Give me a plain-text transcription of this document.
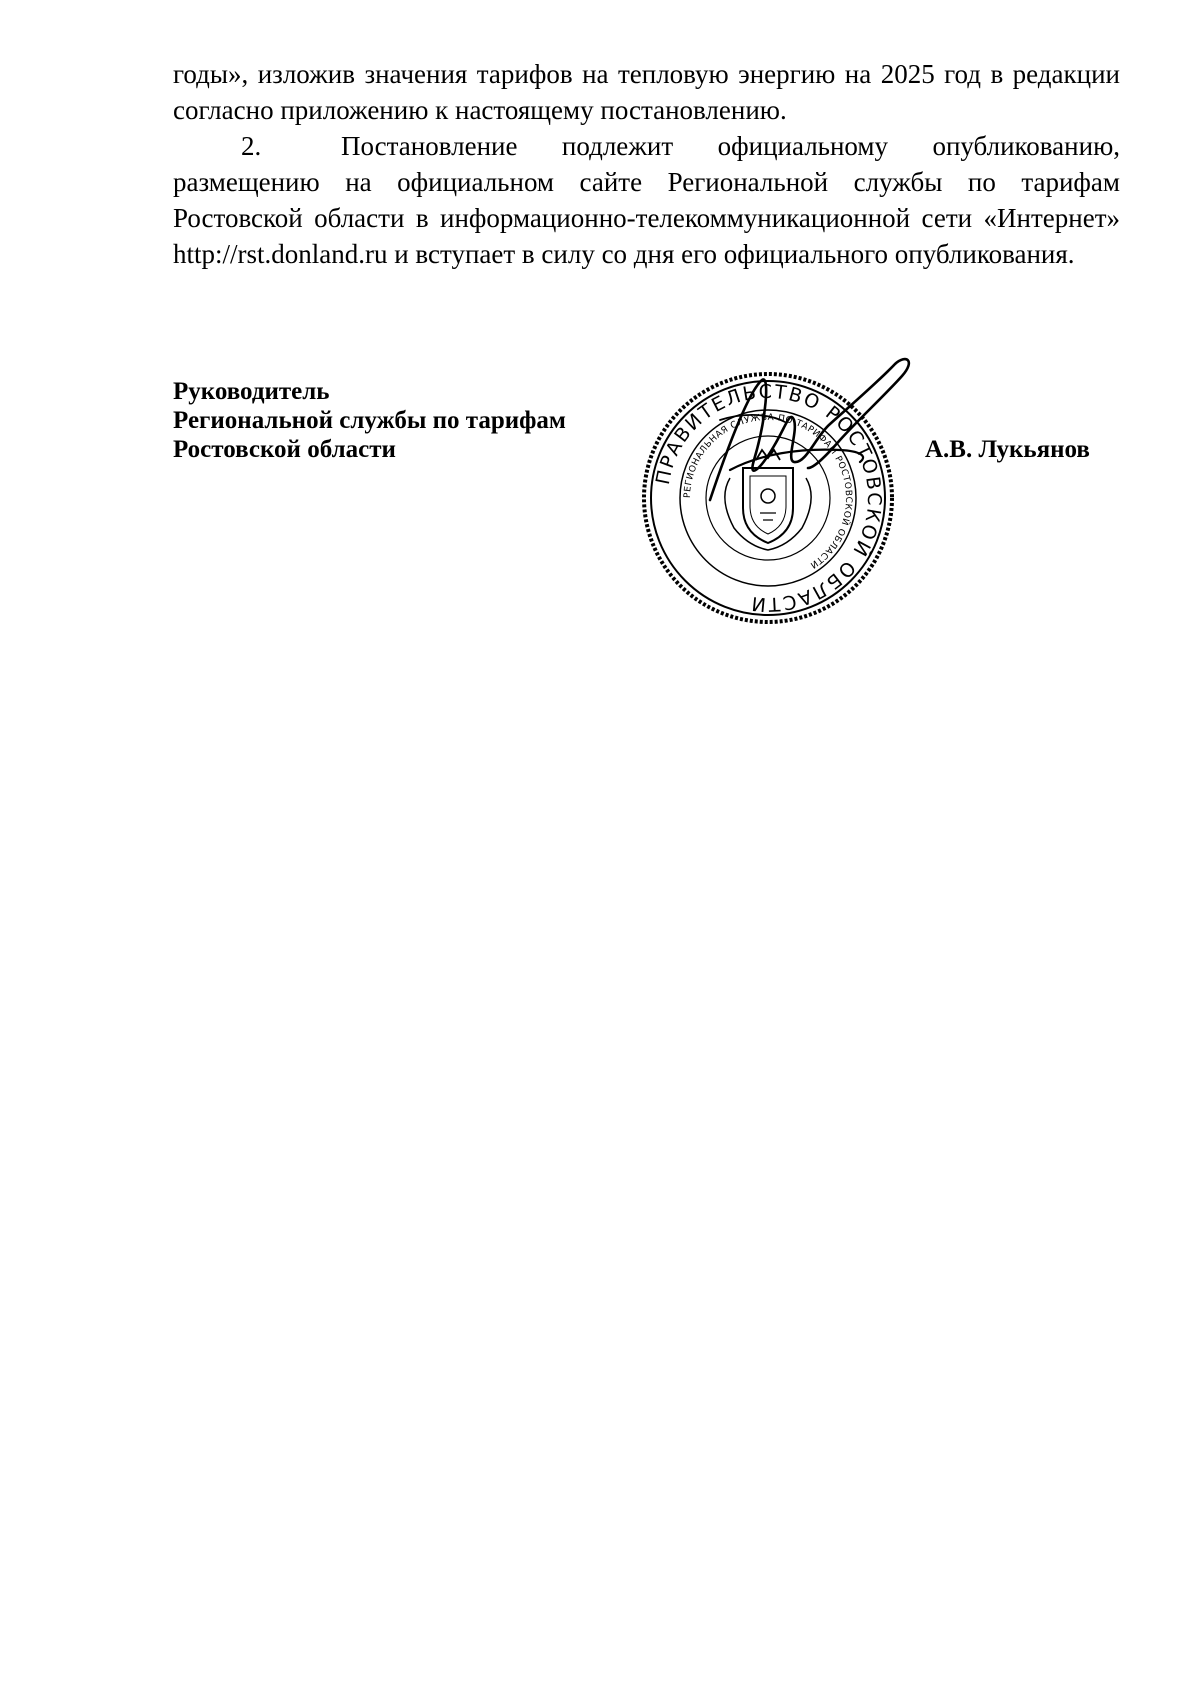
годы», изложив значения тарифов на тепловую энергию на 2025 год в редакции согласно приложению к настоящему постановлению.

2.	Постановление подлежит официальному опубликованию, размещению на официальном сайте Региональной службы по тарифам Ростовской области в информационно-телекоммуникационной сети «Интернет» http://rst.donland.ru и вступает в силу со дня его официального опубликования.

Руководитель
Региональной службы по тарифам
Ростовской области
ПРАВИТЕЛЬСТВО РОСТОВСКОЙ ОБЛАСТИ
РЕГИОНАЛЬНАЯ СЛУЖБА ПО ТАРИФАМ РОСТОВСКОЙ ОБЛАСТИ
А.В. Лукьянов
